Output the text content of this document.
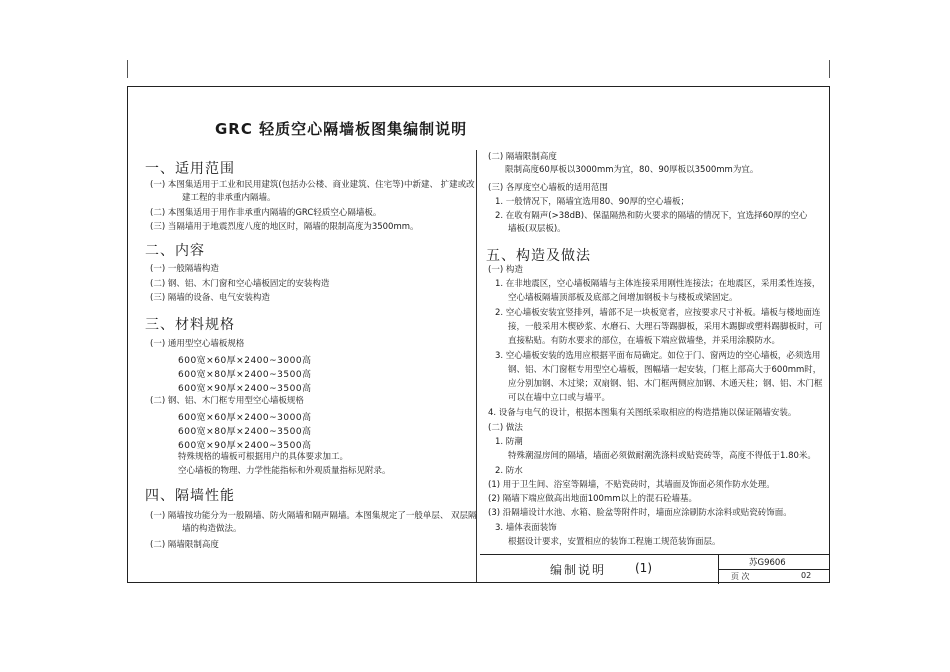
GRC 轻质空心隔墙板图集编制说明
一、适用范围
(一) 本图集适用于工业和民用建筑(包括办公楼、商业建筑、住宅等)中新建、 扩建或改
建工程的非承重内隔墙。
(二) 本图集适用于用作非承重内隔墙的GRC轻质空心隔墙板。
(三) 当隔墙用于地震烈度八度的地区时，隔墙的限制高度为3500mm。
二、内容
(一) 一般隔墙构造
(二) 钢、铝、木门窗和空心墙板固定的安装构造
(三) 隔墙的设备、电气安装构造
三、材料规格
(一) 通用型空心墙板规格
600宽×60厚×2400~3000高
600宽×80厚×2400~3500高
600宽×90厚×2400~3500高
(二) 钢、铝、木门框专用型空心墙板规格
600宽×60厚×2400~3000高
600宽×80厚×2400~3500高
600宽×90厚×2400~3500高
特殊规格的墙板可根据用户的具体要求加工。
空心墙板的物理、力学性能指标和外观质量指标见附录。
四、隔墙性能
(一) 隔墙按功能分为一般隔墙、防火隔墙和隔声隔墙。本图集规定了一般单层、 双层隔
墙的构造做法。
(二) 隔墙限制高度
(二) 隔墙限制高度
限制高度60厚板以3000mm为宜，80、90厚板以3500mm为宜。
(三) 各厚度空心墙板的适用范围
1. 一般情况下，隔墙宜选用80、90厚的空心墙板；
2. 在收有隔声(>38dB)、保温隔热和防火要求的隔墙的情况下，宜选择60厚的空心
墙板(双层板)。
五、构造及做法
(一) 构造
1. 在非地震区，空心墙板隔墙与主体连接采用刚性连接法；在地震区，采用柔性连接，
空心墙板隔墙顶部板及底部之间增加钢板卡与楼板或梁固定。
2. 空心墙板安装宜竖排列，墙部不足一块板宽者，应按要求尺寸补板。墙板与楼地面连
接，一般采用木楔砂浆、水磨石、大理石等踢脚板，采用木踢脚或塑料踢脚板时，可
直接粘贴。有防水要求的部位，在墙板下端应做墙垫，并采用涂膜防水。
3. 空心墙板安装的选用应根据平面布局确定。如位于门、窗两边的空心墙板，必须选用
钢、铝、木门窗框专用型空心墙板，图幅墙一起安装，门框上部高大于600mm时，
应分别加钢、木过梁；双扇钢、铝、木门框两侧应加钢、木通天柱；钢、铝、木门框
可以在墙中立口或与墙平。
4. 设备与电气的设计，根据本图集有关图纸采取相应的构造措施以保证隔墙安装。
(二) 做法
1. 防潮
特殊潮湿房间的隔墙，墙面必须做耐潮洗涤料或贴瓷砖等，高度不得低于1.80米。
2. 防水
(1) 用于卫生间、浴室等隔墙，不贴瓷砖时，其墙面及饰面必须作防水处理。
(2) 隔墙下端应做高出地面100mm以上的混石砼墙基。
(3) 沿隔墙设计水池、水箱、脸盆等附件时，墙面应涂刷防水涂料或贴瓷砖饰面。
3. 墙体表面装饰
根据设计要求，安置相应的装饰工程施工规范装饰面层。
编制说明 (1)	苏G9606
页 次	02
